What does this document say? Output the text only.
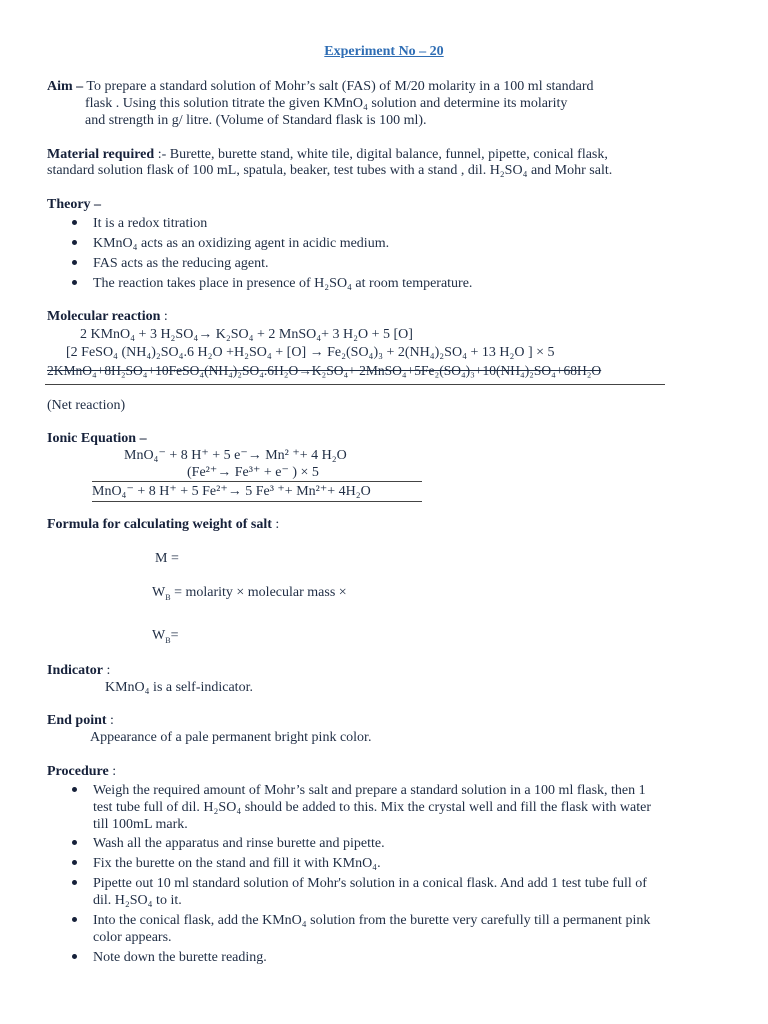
Experiment No – 20
Aim – To prepare a standard solution of Mohr’s salt (FAS) of M/20 molarity in a 100 ml standard
flask . Using this solution titrate the given KMnO₄ solution and determine its molarity
and strength in g/ litre. (Volume of Standard flask is 100 ml).
Material required :- Burette, burette stand, white tile, digital balance, funnel, pipette, conical flask,
standard solution flask of 100 mL, spatula, beaker, test tubes with a stand , dil. H₂SO₄ and Mohr salt.
Theory –
It is a redox titration
KMnO₄ acts as an oxidizing agent in acidic medium.
FAS acts as the reducing agent.
The reaction takes place in presence of H₂SO₄ at room temperature.
Molecular reaction :
2 KMnO₄ + 3 H₂SO₄→ K₂SO₄ + 2 MnSO₄+ 3 H₂O + 5 [O]
[2 FeSO₄ (NH₄)₂SO₄.6 H₂O +H₂SO₄ + [O] → Fe₂(SO₄)₃ + 2(NH₄)₂SO₄ + 13 H₂O ] × 5
2KMnO₄+8H₂SO₄+10FeSO₄(NH₄)₂SO₄.6H₂O→K₂SO₄+ 2MnSO₄+5Fe₂(SO₄)₃+10(NH₄)₂SO₄+68H₂O
(Net reaction)
Ionic Equation –
MnO₄⁻ + 8 H⁺ + 5 e⁻→ Mn² ⁺+ 4 H₂O
(Fe²⁺→ Fe³⁺ + e⁻ ) × 5
MnO₄⁻ + 8 H⁺ + 5 Fe²⁺→ 5 Fe³ ⁺+ Mn²⁺+ 4H₂O
Formula for calculating weight of salt :
M =
$W_B$ = molarity × molecular mass ×
$W_B=$
Indicator :
KMnO₄ is a self-indicator.
End point :
Appearance of a pale permanent bright pink color.
Procedure :
Weigh the required amount of Mohr’s salt and prepare a standard solution in a 100 ml flask, then 1
test tube full of dil. H₂SO₄ should be added to this. Mix the crystal well and fill the flask with water
till 100mL mark.
Wash all the apparatus and rinse burette and pipette.
Fix the burette on the stand and fill it with KMnO₄.
Pipette out 10 ml standard solution of Mohr's solution in a conical flask. And add 1 test tube full of
dil. H₂SO₄ to it.
Into the conical flask, add the KMnO₄ solution from the burette very carefully till a permanent pink
color appears.
Note down the burette reading.
